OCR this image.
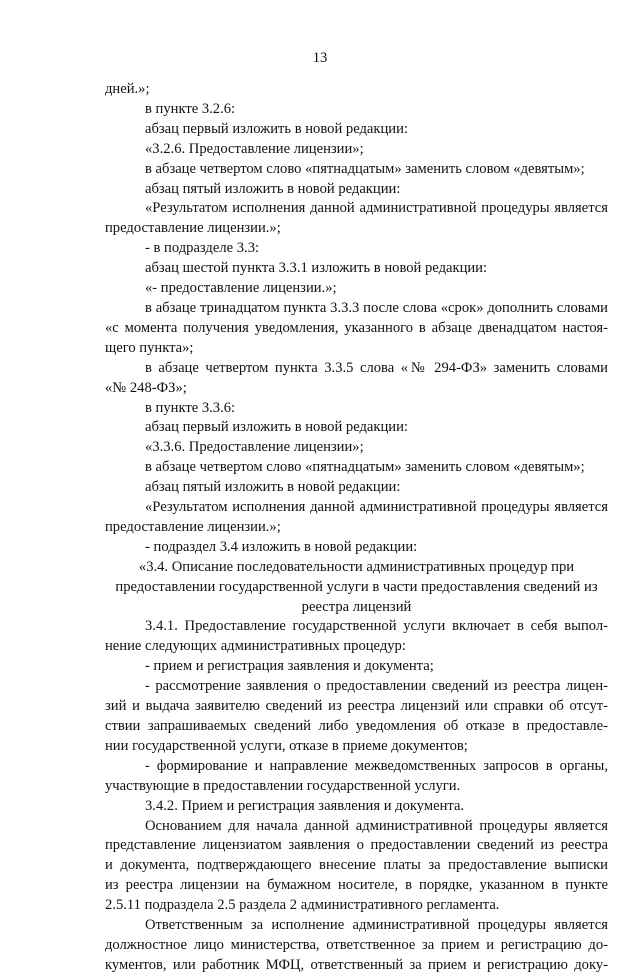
13
дней.»;
в пункте 3.2.6:
абзац первый изложить в новой редакции:
«3.2.6. Предоставление лицензии»;
в абзаце четвертом слово «пятнадцатым» заменить словом «девятым»;
абзац пятый изложить в новой редакции:
«Результатом исполнения данной административной процедуры является
предоставление лицензии.»;
- в подразделе 3.3:
абзац шестой пункта 3.3.1 изложить в новой редакции:
«- предоставление лицензии.»;
в абзаце тринадцатом пункта 3.3.3 после слова «срок» дополнить словами
«с момента получения уведомления, указанного в абзаце двенадцатом настоя-
щего пункта»;
в абзаце четвертом пункта 3.3.5 слова «№ 294-ФЗ» заменить словами
«№ 248-ФЗ»;
в пункте 3.3.6:
абзац первый изложить в новой редакции:
«3.3.6. Предоставление лицензии»;
в абзаце четвертом слово «пятнадцатым» заменить словом «девятым»;
абзац пятый изложить в новой редакции:
«Результатом исполнения данной административной процедуры является
предоставление лицензии.»;
- подраздел 3.4 изложить в новой редакции:
«3.4. Описание последовательности административных процедур при
предоставлении государственной услуги в части предоставления сведений из
реестра лицензий
3.4.1. Предоставление государственной услуги включает в себя выпол-
нение следующих административных процедур:
- прием и регистрация заявления и документа;
- рассмотрение заявления о предоставлении сведений из реестра лицен-
зий и выдача заявителю сведений из реестра лицензий или справки об отсут-
ствии запрашиваемых сведений либо уведомления об отказе в предоставле-
нии государственной услуги, отказе в приеме документов;
- формирование и направление межведомственных запросов в органы,
участвующие в предоставлении государственной услуги.
3.4.2. Прием и регистрация заявления и документа.
Основанием для начала данной административной процедуры является
представление лицензиатом заявления о предоставлении сведений из реестра
и документа, подтверждающего внесение платы за предоставление выписки
из реестра лицензии на бумажном носителе, в порядке, указанном в пункте
2.5.11 подраздела 2.5 раздела 2 административного регламента.
Ответственным за исполнение административной процедуры является
должностное лицо министерства, ответственное за прием и регистрацию до-
кументов, или работник МФЦ, ответственный за прием и регистрацию доку-
